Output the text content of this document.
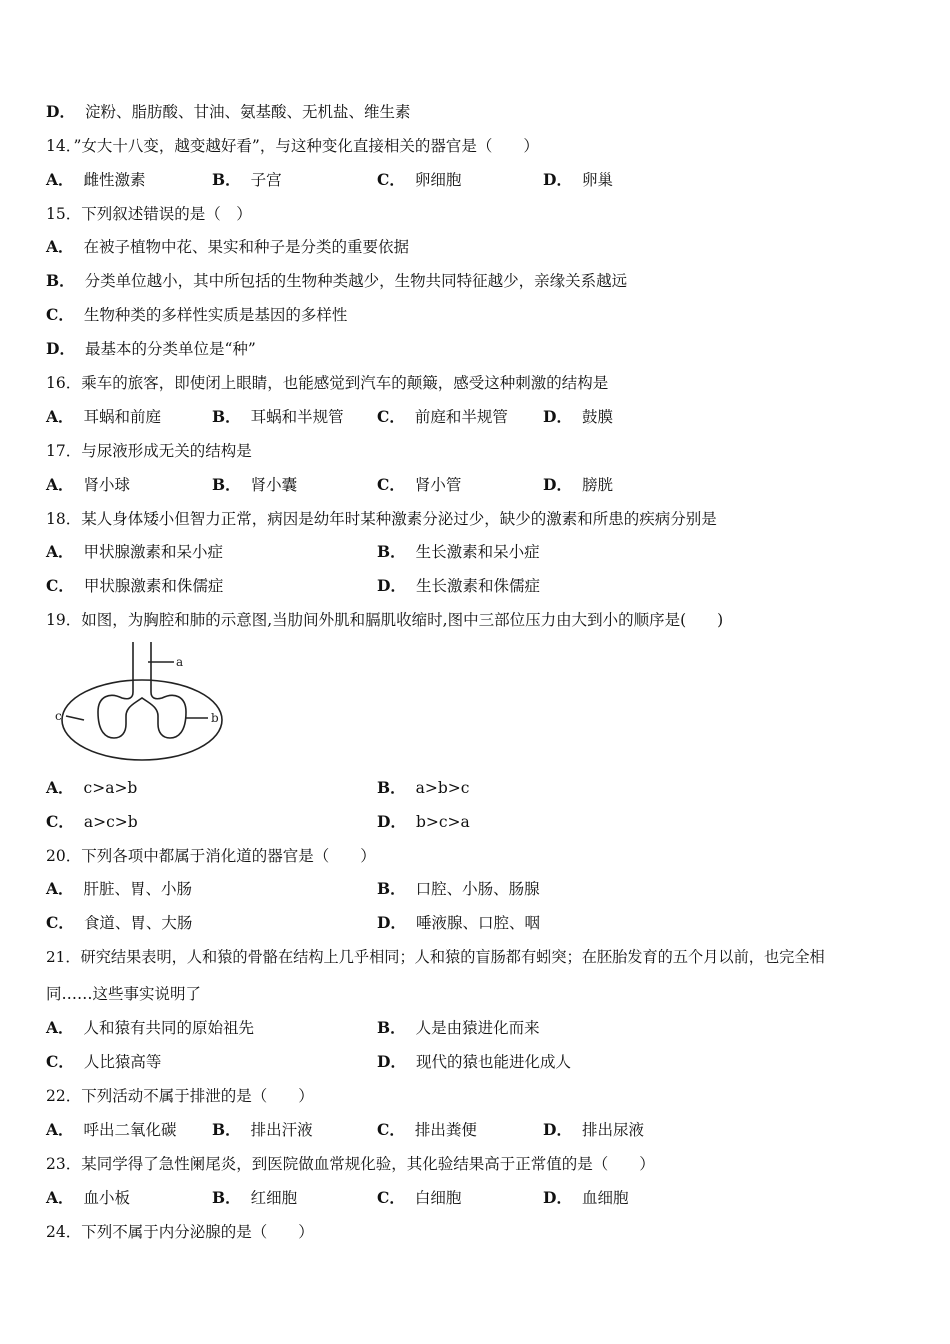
D． 淀粉、脂肪酸、甘油、氨基酸、无机盐、维生素
14．”女大十八变，越变越好看”，与这种变化直接相关的器官是（　　）
A． 雌性激素	B． 子宫	C． 卵细胞	D． 卵巢
15．下列叙述错误的是（　）
A． 在被子植物中花、果实和种子是分类的重要依据
B． 分类单位越小，其中所包括的生物种类越少，生物共同特征越少，亲缘关系越远
C． 生物种类的多样性实质是基因的多样性
D． 最基本的分类单位是“种”
16．乘车的旅客，即使闭上眼睛，也能感觉到汽车的颠簸，感受这种刺激的结构是
A． 耳蜗和前庭	B． 耳蜗和半规管 C． 前庭和半规管 D． 鼓膜
17．与尿液形成无关的结构是
A． 肾小球	B． 肾小囊	C． 肾小管	D． 膀胱
18．某人身体矮小但智力正常，病因是幼年时某种激素分泌过少，缺少的激素和所患的疾病分别是
A． 甲状腺激素和呆小症	B． 生长激素和呆小症
C． 甲状腺激素和侏儒症	D． 生长激素和侏儒症
19．如图，为胸腔和肺的示意图,当肋间外肌和膈肌收缩时,图中三部位压力由大到小的顺序是(　　)
a
b
c
A． c>a>b	B． a>b>c
C． a>c>b	D． b>c>a
20．下列各项中都属于消化道的器官是（　　）
A． 肝脏、胃、小肠	B． 口腔、小肠、肠腺
C． 食道、胃、大肠	D． 唾液腺、口腔、咽
21．研究结果表明，人和猿的骨骼在结构上几乎相同；人和猿的盲肠都有蚓突；在胚胎发育的五个月以前，也完全相
同……这些事实说明了
A． 人和猿有共同的原始祖先	B． 人是由猿进化而来
C． 人比猿高等	D． 现代的猿也能进化成人
22．下列活动不属于排泄的是（　　）
A． 呼出二氧化碳 B． 排出汗液	C． 排出粪便	D． 排出尿液
23．某同学得了急性阑尾炎，到医院做血常规化验，其化验结果高于正常值的是（　　）
A． 血小板	B． 红细胞	C． 白细胞	D． 血细胞
24．下列不属于内分泌腺的是（　　）
